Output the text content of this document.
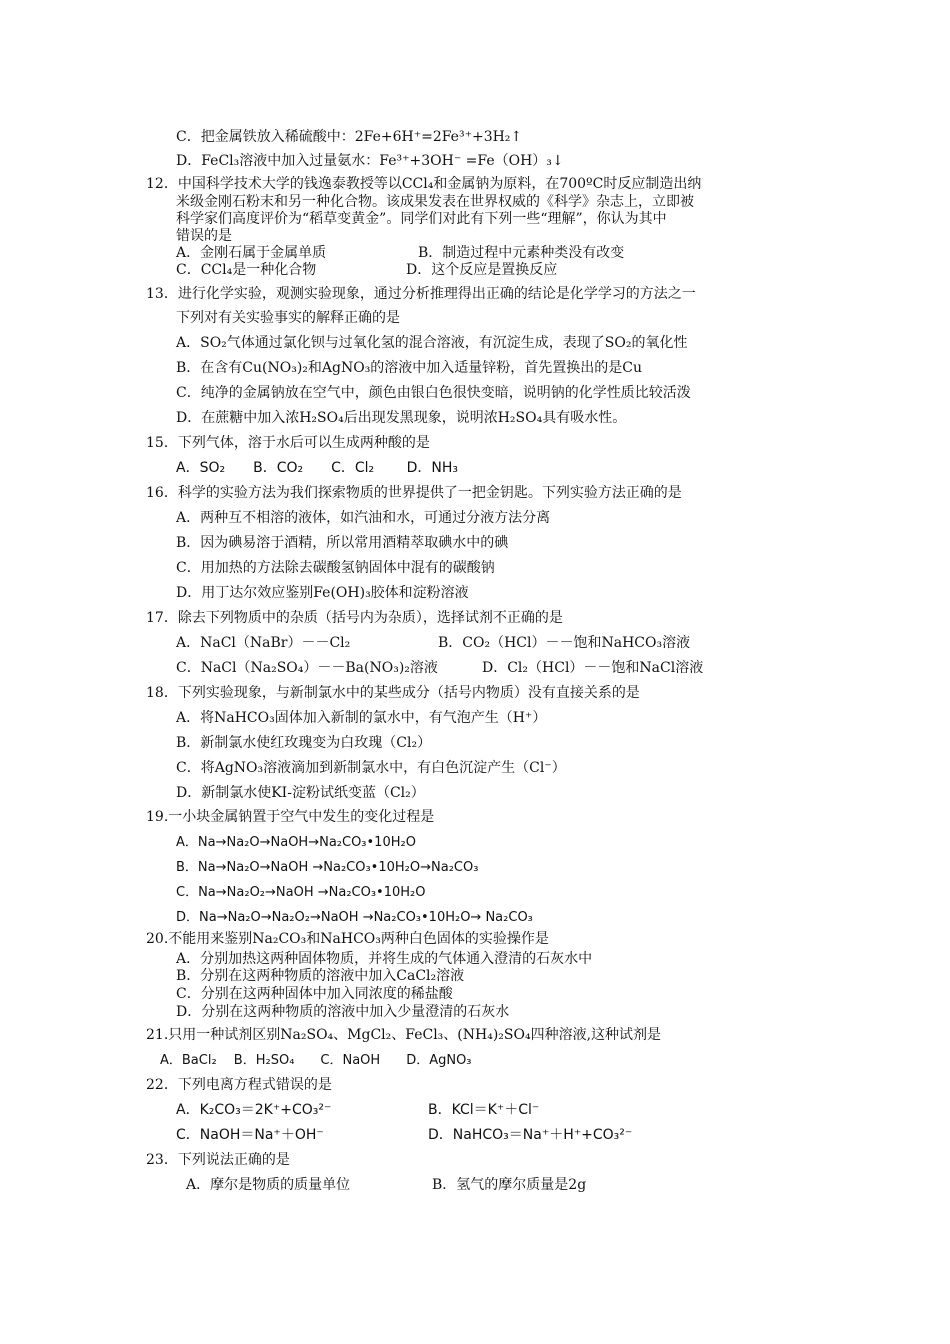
C．把金属铁放入稀硫酸中：2Fe+6H⁺=2Fe³⁺+3H₂↑
D．FeCl₃溶液中加入过量氨水：Fe³⁺+3OH⁻ =Fe（OH）₃↓
12．中国科学技术大学的钱逸泰教授等以CCl₄和金属钠为原料，在700ºC时反应制造出纳
米级金刚石粉末和另一种化合物。该成果发表在世界权威的《科学》杂志上，立即被
科学家们高度评价为“稻草变黄金”。同学们对此有下列一些“理解”，你认为其中
错误的是
A．金刚石属于金属单质	B．制造过程中元素种类没有改变
C．CCl₄是一种化合物	D．这个反应是置换反应
13．进行化学实验，观测实验现象，通过分析推理得出正确的结论是化学学习的方法之一
下列对有关实验事实的解释正确的是
A．SO₂气体通过氯化钡与过氧化氢的混合溶液，有沉淀生成，表现了SO₂的氧化性
B．在含有Cu(NO₃)₂和AgNO₃的溶液中加入适量锌粉，首先置换出的是Cu
C．纯净的金属钠放在空气中，颜色由银白色很快变暗，说明钠的化学性质比较活泼
D．在蔗糖中加入浓H₂SO₄后出现发黑现象，说明浓H₂SO₄具有吸水性。
15．下列气体，溶于水后可以生成两种酸的是
A．SO₂　　B．CO₂　　C．Cl₂　　 D．NH₃
16．科学的实验方法为我们探索物质的世界提供了一把金钥匙。下列实验方法正确的是
A．两种互不相溶的液体，如汽油和水，可通过分液方法分离
B．因为碘易溶于酒精，所以常用酒精萃取碘水中的碘
C．用加热的方法除去碳酸氢钠固体中混有的碳酸钠
D．用丁达尔效应鉴别Fe(OH)₃胶体和淀粉溶液
17．除去下列物质中的杂质（括号内为杂质），选择试剂不正确的是
A．NaCl（NaBr）－－Cl₂	B．CO₂（HCl）－－饱和NaHCO₃溶液
C．NaCl（Na₂SO₄）－－Ba(NO₃)₂溶液	D．Cl₂（HCl）－－饱和NaCl溶液
18．下列实验现象，与新制氯水中的某些成分（括号内物质）没有直接关系的是
A．将NaHCO₃固体加入新制的氯水中，有气泡产生（H⁺）
B．新制氯水使红玫瑰变为白玫瑰（Cl₂）
C．将AgNO₃溶液滴加到新制氯水中，有白色沉淀产生（Cl⁻）
D．新制氯水使KI-淀粉试纸变蓝（Cl₂）
19.一小块金属钠置于空气中发生的变化过程是
A．Na→Na₂O→NaOH→Na₂CO₃•10H₂O
B．Na→Na₂O→NaOH →Na₂CO₃•10H₂O→Na₂CO₃
C．Na→Na₂O₂→NaOH →Na₂CO₃•10H₂O
D．Na→Na₂O→Na₂O₂→NaOH →Na₂CO₃•10H₂O→ Na₂CO₃
20.不能用来鉴别Na₂CO₃和NaHCO₃两种白色固体的实验操作是
A．分别加热这两种固体物质，并将生成的气体通入澄清的石灰水中
B．分别在这两种物质的溶液中加入CaCl₂溶液
C．分别在这两种固体中加入同浓度的稀盐酸
D．分别在这两种物质的溶液中加入少量澄清的石灰水
21.只用一种试剂区别Na₂SO₄、MgCl₂、FeCl₃、(NH₄)₂SO₄四种溶液,这种试剂是
A．BaCl₂　 B．H₂SO₄　　C．NaOH　　D．AgNO₃
22．下列电离方程式错误的是
A．K₂CO₃＝2K⁺+CO₃²⁻	B．KCl＝K⁺＋Cl⁻
C．NaOH＝Na⁺＋OH⁻	D．NaHCO₃＝Na⁺＋H⁺+CO₃²⁻
23．下列说法正确的是
A．摩尔是物质的质量单位	B．氢气的摩尔质量是2g
